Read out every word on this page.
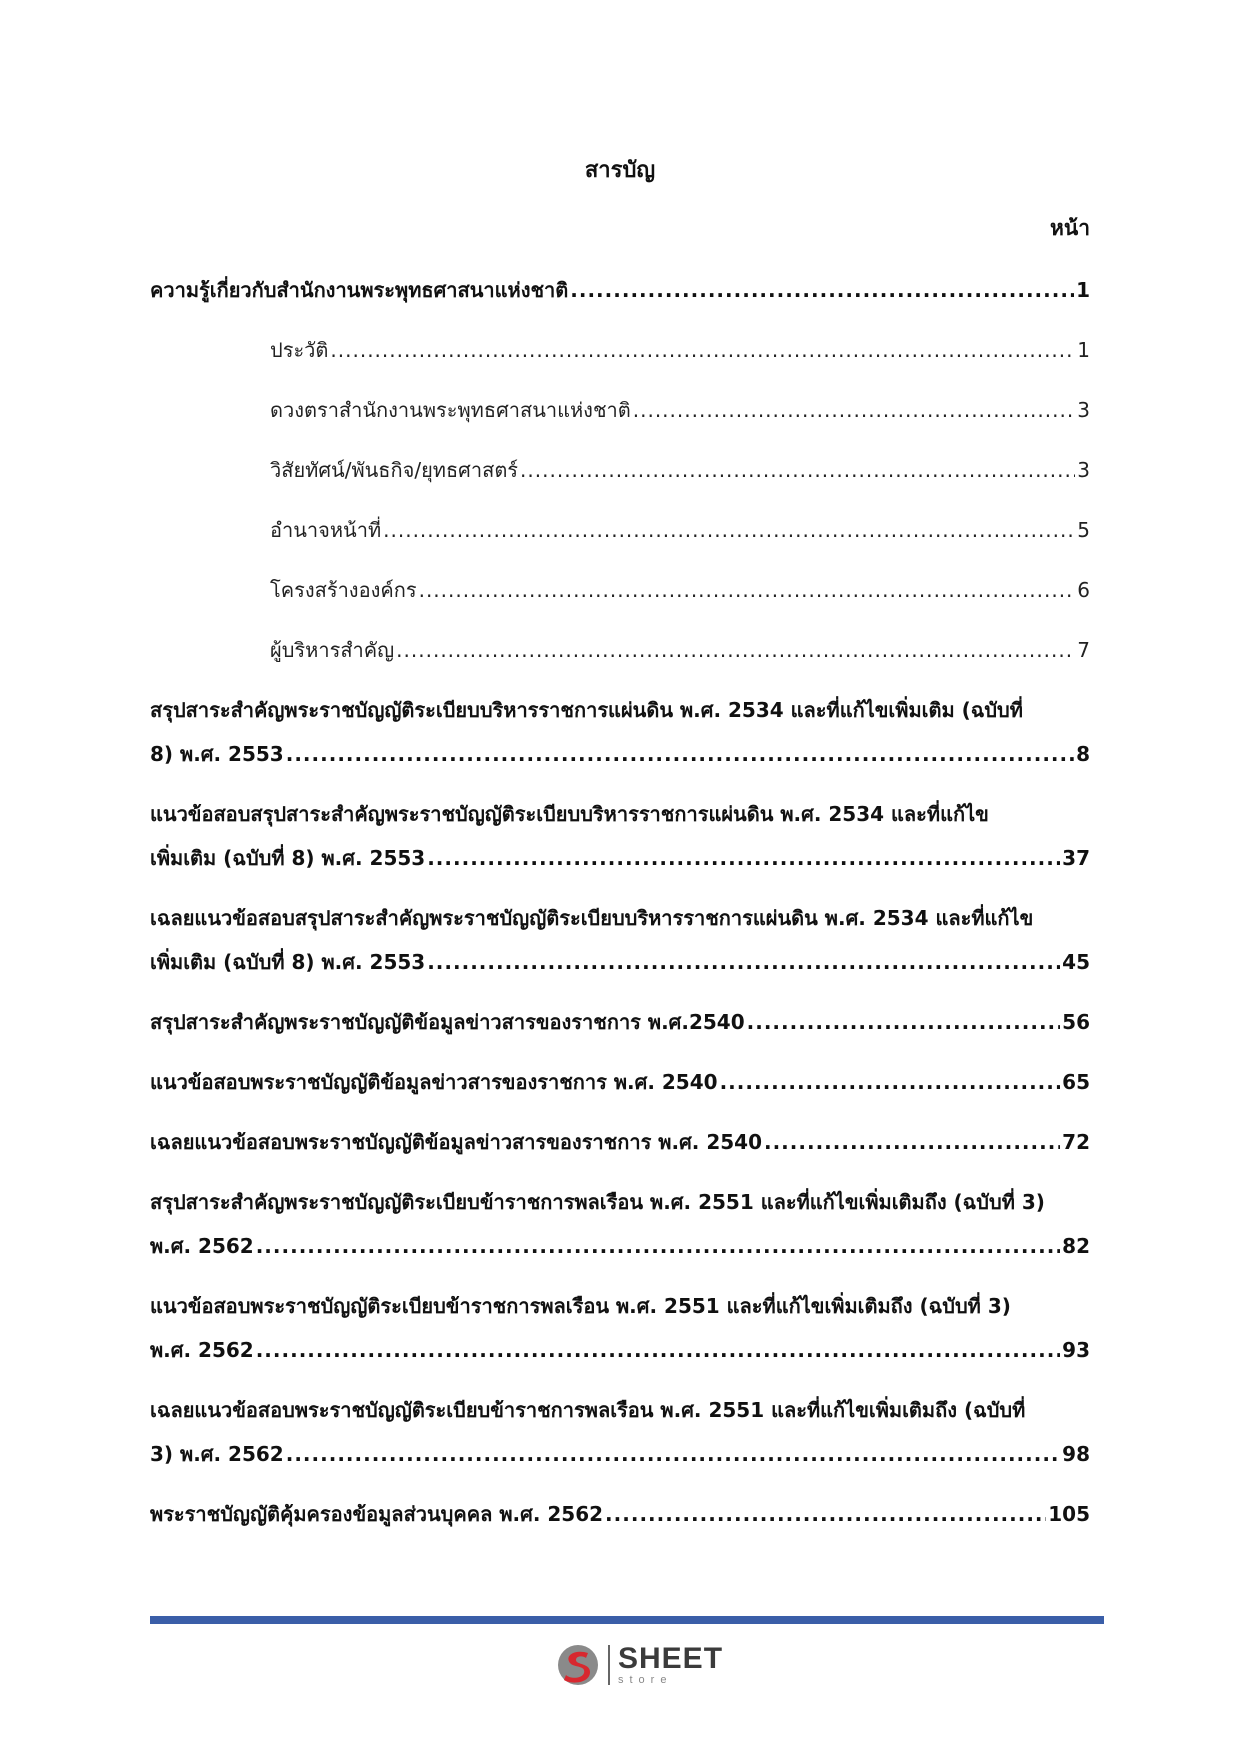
สารบัญ
หน้า
ความรู้เกี่ยวกับสำนักงานพระพุทธศาสนาแห่งชาติ .....	1
ประวัติ .....	1
ดวงตราสำนักงานพระพุทธศาสนาแห่งชาติ .....	3
วิสัยทัศน์/พันธกิจ/ยุทธศาสตร์ .....	3
อำนาจหน้าที่ .....	5
โครงสร้างองค์กร .....	6
ผู้บริหารสำคัญ .....	7
สรุปสาระสำคัญพระราชบัญญัติระเบียบบริหารราชการแผ่นดิน พ.ศ. 2534 และที่แก้ไขเพิ่มเติม (ฉบับที่
8) พ.ศ. 2553 .....	8
แนวข้อสอบสรุปสาระสำคัญพระราชบัญญัติระเบียบบริหารราชการแผ่นดิน พ.ศ. 2534 และที่แก้ไข
เพิ่มเติม (ฉบับที่ 8) พ.ศ. 2553 .....	37
เฉลยแนวข้อสอบสรุปสาระสำคัญพระราชบัญญัติระเบียบบริหารราชการแผ่นดิน พ.ศ. 2534 และที่แก้ไข
เพิ่มเติม (ฉบับที่ 8) พ.ศ. 2553 .....	45
สรุปสาระสำคัญพระราชบัญญัติข้อมูลข่าวสารของราชการ พ.ศ.2540 .....	56
แนวข้อสอบพระราชบัญญัติข้อมูลข่าวสารของราชการ พ.ศ. 2540 .....	65
เฉลยแนวข้อสอบพระราชบัญญัติข้อมูลข่าวสารของราชการ พ.ศ. 2540 .....	72
สรุปสาระสำคัญพระราชบัญญัติระเบียบข้าราชการพลเรือน พ.ศ. 2551 และที่แก้ไขเพิ่มเติมถึง (ฉบับที่ 3)
พ.ศ. 2562 .....	82
แนวข้อสอบพระราชบัญญัติระเบียบข้าราชการพลเรือน พ.ศ. 2551 และที่แก้ไขเพิ่มเติมถึง (ฉบับที่ 3)
พ.ศ. 2562 .....	93
เฉลยแนวข้อสอบพระราชบัญญัติระเบียบข้าราชการพลเรือน พ.ศ. 2551 และที่แก้ไขเพิ่มเติมถึง (ฉบับที่
3) พ.ศ. 2562 .....	98
พระราชบัญญัติคุ้มครองข้อมูลส่วนบุคคล พ.ศ. 2562 .....	105
SHEET
store
